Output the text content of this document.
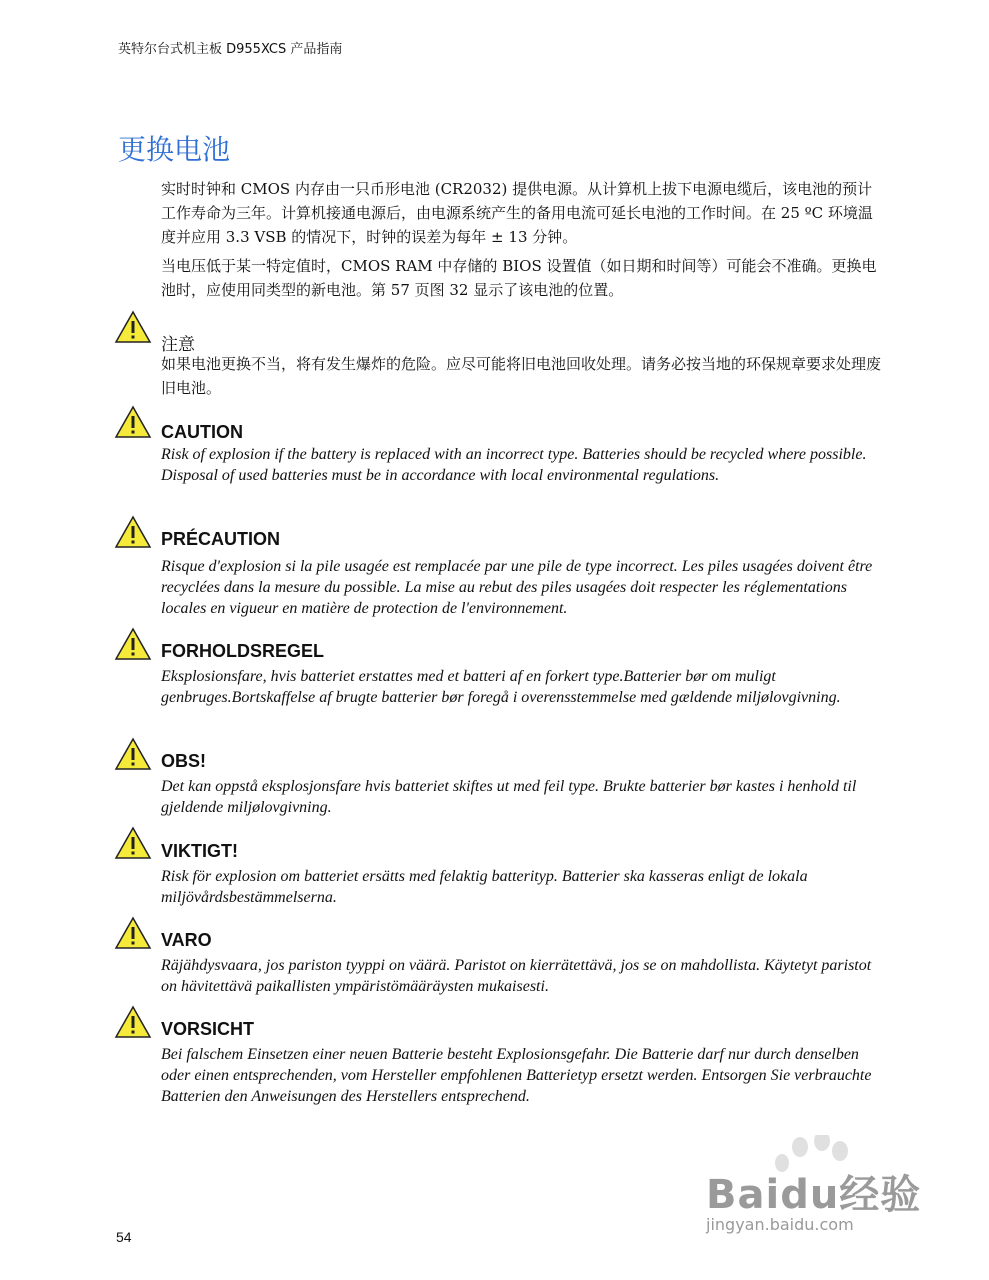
英特尔台式机主板 D955XCS 产品指南
更换电池

实时时钟和 CMOS 内存由一只币形电池 (CR2032) 提供电源。从计算机上拔下电源电缆后，该电池的预计工作寿命为三年。计算机接通电源后，由电源系统产生的备用电流可延长电池的工作时间。在 25 ºC 环境温度并应用 3.3 VSB 的情况下，时钟的误差为每年 ± 13 分钟。

当电压低于某一特定值时，CMOS RAM 中存储的 BIOS 设置值（如日期和时间等）可能会不准确。更换电池时，应使用同类型的新电池。第 57 页图 32 显示了该电池的位置。

注意

如果电池更换不当，将有发生爆炸的危险。应尽可能将旧电池回收处理。请务必按当地的环保规章要求处理废旧电池。

CAUTION

Risk of explosion if the battery is replaced with an incorrect type. Batteries should be recycled where possible. Disposal of used batteries must be in accordance with local environmental regulations.

PRÉCAUTION

Risque d'explosion si la pile usagée est remplacée par une pile de type incorrect. Les piles usagées doivent être recyclées dans la mesure du possible. La mise au rebut des piles usagées doit respecter les réglementations locales en vigueur en matière de protection de l'environnement.

FORHOLDSREGEL

Eksplosionsfare, hvis batteriet erstattes med et batteri af en forkert type.Batterier bør om muligt genbruges.Bortskaffelse af brugte batterier bør foregå i overensstemmelse med gældende miljølovgivning.

OBS!

Det kan oppstå eksplosjonsfare hvis batteriet skiftes ut med feil type. Brukte batterier bør kastes i henhold til gjeldende miljølovgivning.

VIKTIGT!

Risk för explosion om batteriet ersätts med felaktig batterityp. Batterier ska kasseras enligt de lokala miljövårdsbestämmelserna.

VARO

Räjähdysvaara, jos pariston tyyppi on väärä. Paristot on kierrätettävä, jos se on mahdollista. Käytetyt paristot on hävitettävä paikallisten ympäristömääräysten mukaisesti.

VORSICHT

Bei falschem Einsetzen einer neuen Batterie besteht Explosionsgefahr. Die Batterie darf nur durch denselben oder einen entsprechenden, vom Hersteller empfohlenen Batterietyp ersetzt werden. Entsorgen Sie verbrauchte Batterien den Anweisungen des Herstellers entsprechend.

Baidu经验
jingyan.baidu.com
54
